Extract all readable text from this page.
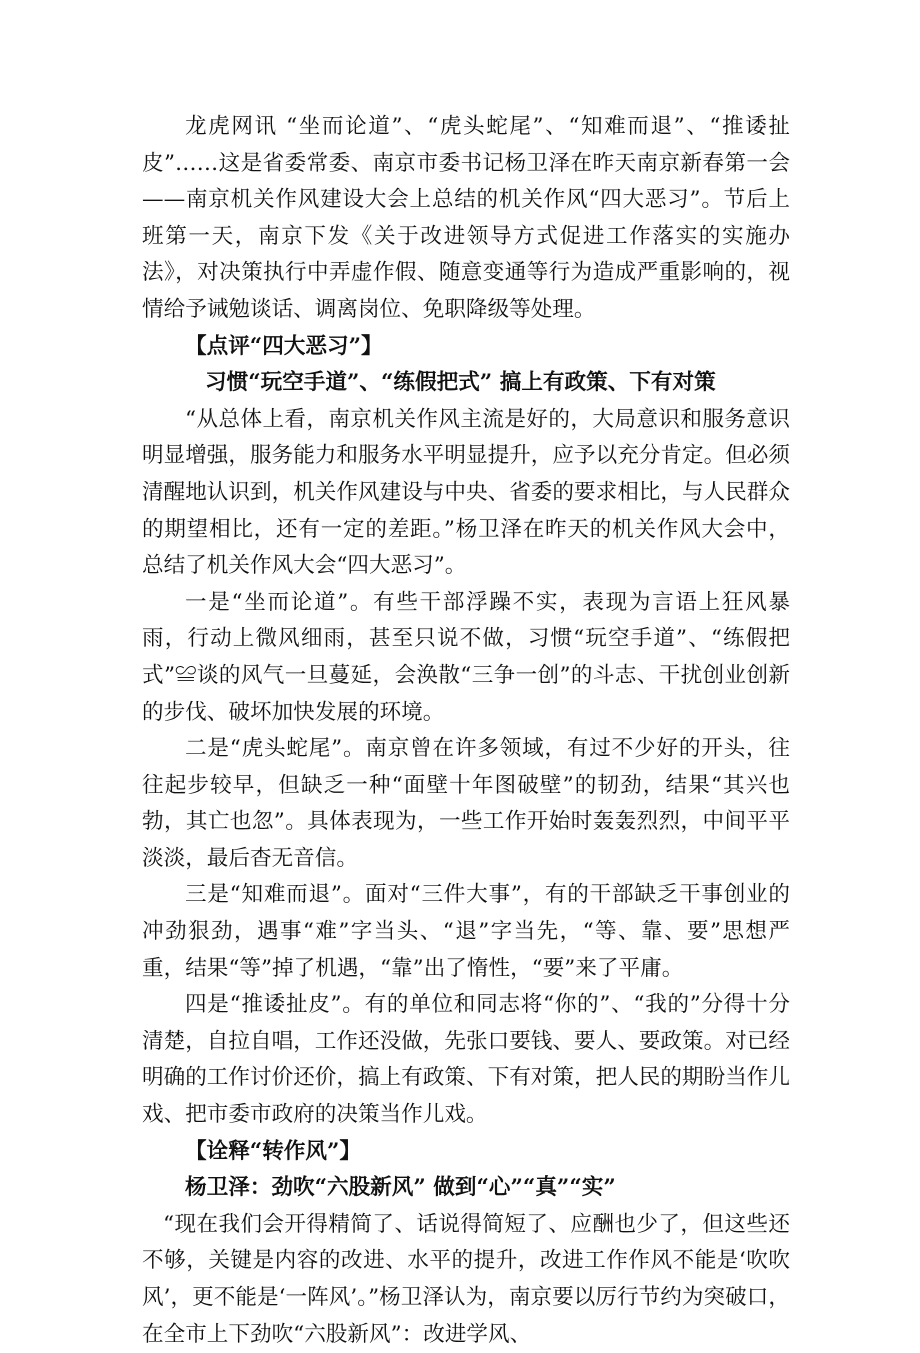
龙虎网讯 “坐而论道”、“虎头蛇尾”、“知难而退”、“推诿扯皮”……这是省委常委、南京市委书记杨卫泽在昨天南京新春第一会——南京机关作风建设大会上总结的机关作风“四大恶习”。节后上班第一天，南京下发《关于改进领导方式促进工作落实的实施办法》，对决策执行中弄虚作假、随意变通等行为造成严重影响的，视情给予诫勉谈话、调离岗位、免职降级等处理。

【点评“四大恶习”】

习惯“玩空手道”、“练假把式” 搞上有政策、下有对策

“从总体上看，南京机关作风主流是好的，大局意识和服务意识明显增强，服务能力和服务水平明显提升，应予以充分肯定。但必须清醒地认识到，机关作风建设与中央、省委的要求相比，与人民群众的期望相比，还有一定的差距。”杨卫泽在昨天的机关作风大会中，总结了机关作风大会“四大恶习”。

一是“坐而论道”。有些干部浮躁不实，表现为言语上狂风暴雨，行动上微风细雨，甚至只说不做，习惯“玩空手道”、“练假把式”≌谈的风气一旦蔓延，会涣散“三争一创”的斗志、干扰创业创新的步伐、破坏加快发展的环境。

二是“虎头蛇尾”。南京曾在许多领域，有过不少好的开头，往往起步较早，但缺乏一种“面壁十年图破壁”的韧劲，结果“其兴也勃，其亡也忽”。具体表现为，一些工作开始时轰轰烈烈，中间平平淡淡，最后杳无音信。

三是“知难而退”。面对“三件大事”，有的干部缺乏干事创业的冲劲狠劲，遇事“难”字当头、“退”字当先，“等、靠、要”思想严重，结果“等”掉了机遇，“靠”出了惰性，“要”来了平庸。

四是“推诿扯皮”。有的单位和同志将“你的”、“我的”分得十分清楚，自拉自唱，工作还没做，先张口要钱、要人、要政策。对已经明确的工作讨价还价，搞上有政策、下有对策，把人民的期盼当作儿戏、把市委市政府的决策当作儿戏。

【诠释“转作风”】

杨卫泽：劲吹“六股新风” 做到“心”“真”“实”

“现在我们会开得精简了、话说得简短了、应酬也少了，但这些还不够，关键是内容的改进、水平的提升，改进工作作风不能是‘吹吹风’，更不能是‘一阵风’。”杨卫泽认为，南京要以厉行节约为突破口，在全市上下劲吹“六股新风”：改进学风、
